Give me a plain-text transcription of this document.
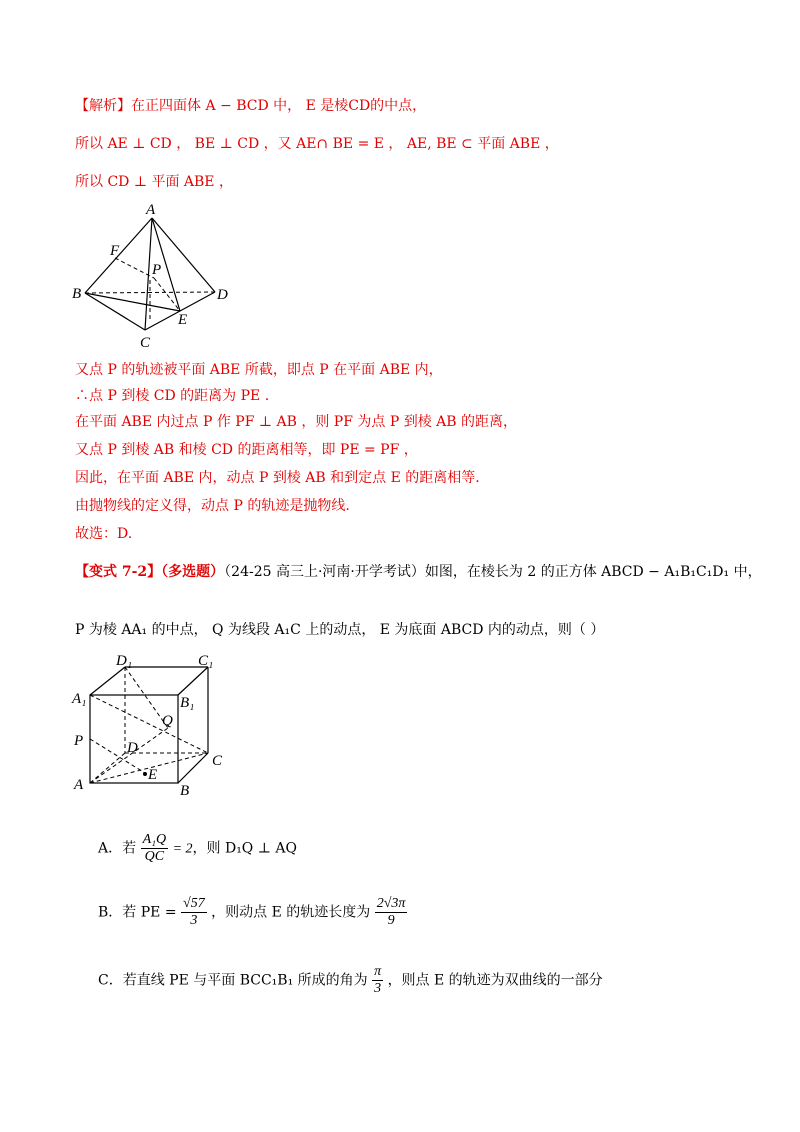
【解析】在正四面体 A − BCD 中， E 是棱CD的中点，
所以 AE ⊥ CD ， BE ⊥ CD ，又 AE∩ BE = E ， AE, BE ⊂ 平面 ABE ，
所以 CD ⊥ 平面 ABE ，
A
B
C
D
E
F
P
又点 P 的轨迹被平面 ABE 所截，即点 P 在平面 ABE 内，
∴点 P 到棱 CD 的距离为 PE .
在平面 ABE 内过点 P 作 PF ⊥ AB ，则 PF 为点 P 到棱 AB 的距离，
又点 P 到棱 AB 和棱 CD 的距离相等，即 PE = PF ，
因此，在平面 ABE 内，动点 P 到棱 AB 和到定点 E 的距离相等.
由抛物线的定义得，动点 P 的轨迹是抛物线.
故选：D.
【变式 7-2】（多选题）（24-25 高三上·河南·开学考试）如图，在棱长为 2 的正方体 ABCD − A₁B₁C₁D₁ 中，
P 为棱 AA₁ 的中点， Q 为线段 A₁C 上的动点， E 为底面 ABCD 内的动点，则（ ）
A	B
C
D
A₁	B₁
C₁
D₁
P
Q
E
A．若 $\frac{\text{A₁Q}}{QC} = 2$，则 D₁Q ⊥ AQ
B．若 PE = $\frac{√57}{3}$ ，则动点 E 的轨迹长度为 $\frac{2√3\pi}{9}$
C．若直线 PE 与平面 BCC₁B₁ 所成的角为 $\frac{\pi}{3}$ ，则点 E 的轨迹为双曲线的一部分
